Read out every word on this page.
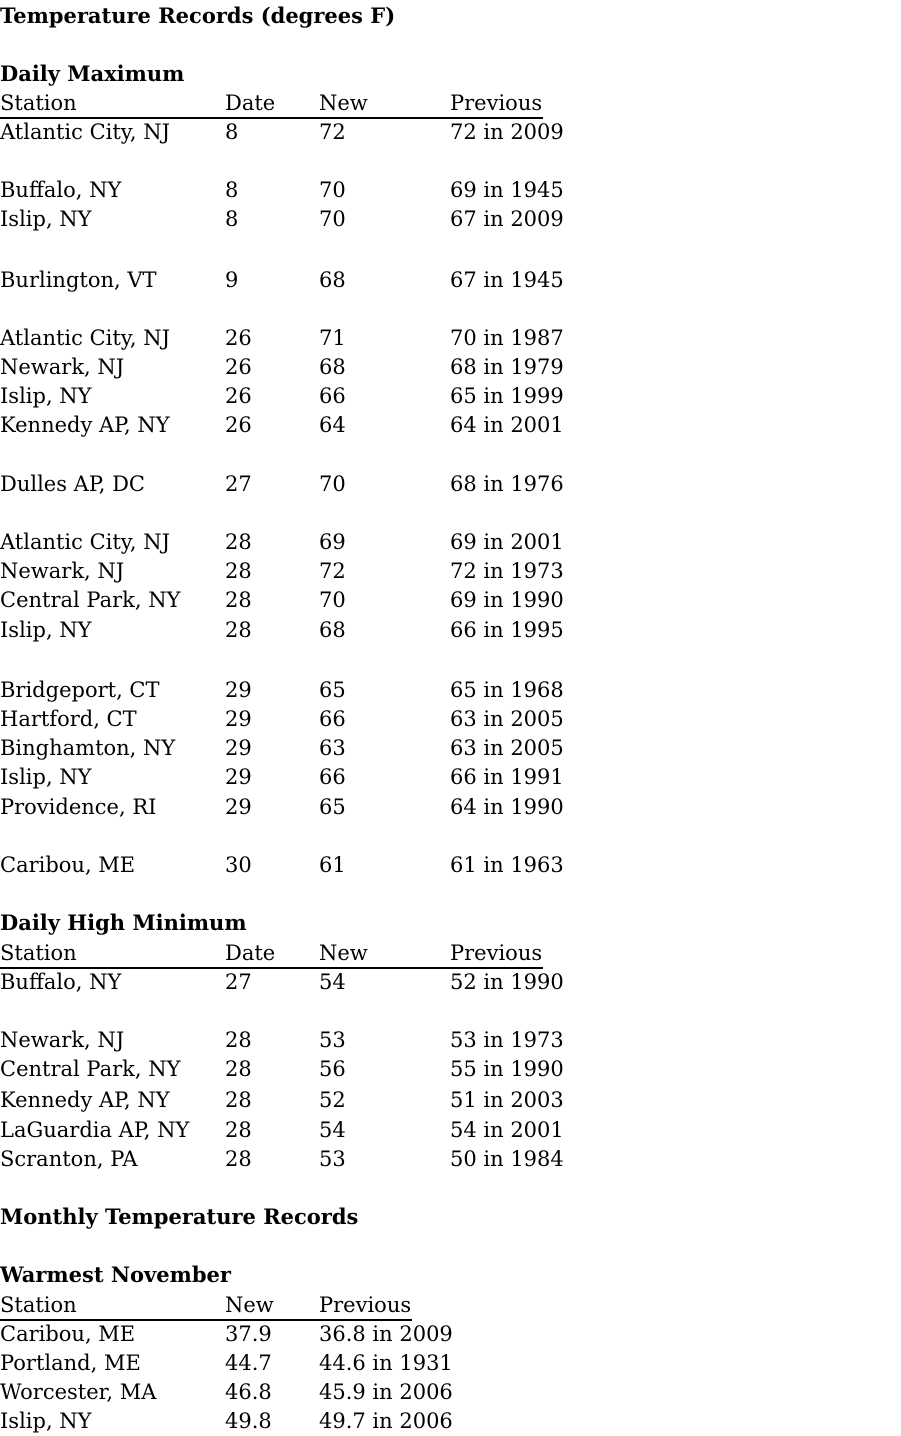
Temperature Records (degrees F)
Daily Maximum
Station	Date New	Previous
Atlantic City, NJ	8	72	72 in 2009
Buffalo, NY	8	70	69 in 1945
Islip, NY	8	70	67 in 2009
Burlington, VT	9	68	67 in 1945
Atlantic City, NJ	26	71	70 in 1987
Newark, NJ	26	68	68 in 1979
Islip, NY	26	66	65 in 1999
Kennedy AP, NY	26	64	64 in 2001
Dulles AP, DC	27	70	68 in 1976
Atlantic City, NJ	28	69	69 in 2001
Newark, NJ	28	72	72 in 1973
Central Park, NY 28	70	69 in 1990
Islip, NY	28	68	66 in 1995
Bridgeport, CT	29	65	65 in 1968
Hartford, CT	29	66	63 in 2005
Binghamton, NY 29	63	63 in 2005
Islip, NY	29	66	66 in 1991
Providence, RI	29	65	64 in 1990
Caribou, ME	30	61	61 in 1963
Daily High Minimum
Station	Date New	Previous
Buffalo, NY	27	54	52 in 1990
Newark, NJ	28	53	53 in 1973
Central Park, NY 28	56	55 in 1990
Kennedy AP, NY	28	52	51 in 2003
LaGuardia AP, NY 28	54	54 in 2001
Scranton, PA	28	53	50 in 1984
Monthly Temperature Records
Warmest November
Station	New Previous
Caribou, ME	37.9 36.8 in 2009
Portland, ME	44.7 44.6 in 1931
Worcester, MA	46.8 45.9 in 2006
Islip, NY	49.8 49.7 in 2006
